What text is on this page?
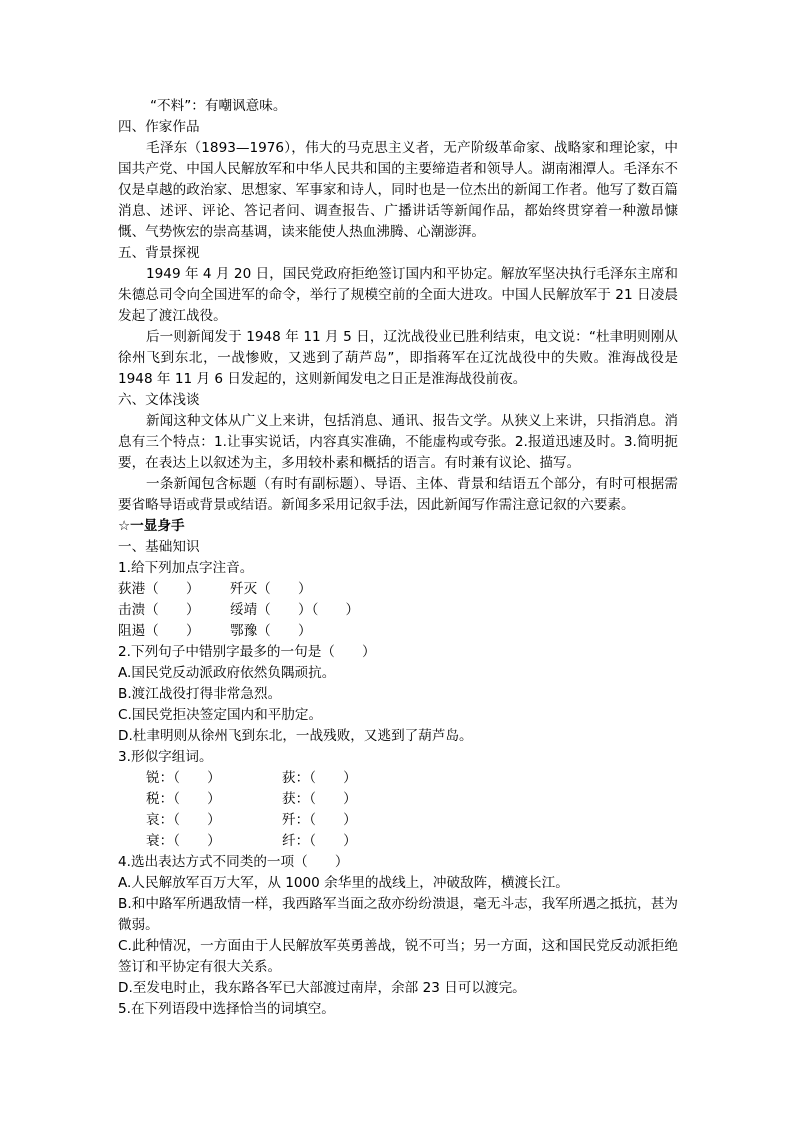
“不料”：有嘲讽意味。
四、作家作品
毛泽东（1893—1976），伟大的马克思主义者，无产阶级革命家、战略家和理论家，中国共产党、中国人民解放军和中华人民共和国的主要缔造者和领导人。湖南湘潭人。毛泽东不仅是卓越的政治家、思想家、军事家和诗人，同时也是一位杰出的新闻工作者。他写了数百篇消息、述评、评论、答记者问、调查报告、广播讲话等新闻作品，都始终贯穿着一种激昂慷慨、气势恢宏的崇高基调，读来能使人热血沸腾、心潮澎湃。
五、背景探视
1949 年 4 月 20 日，国民党政府拒绝签订国内和平协定。解放军坚决执行毛泽东主席和朱德总司令向全国进军的命令，举行了规模空前的全面大进攻。中国人民解放军于 21 日凌晨发起了渡江战役。
后一则新闻发于 1948 年 11 月 5 日，辽沈战役业已胜利结束，电文说：“杜聿明则刚从徐州飞到东北，一战惨败，又逃到了葫芦岛”，即指蒋军在辽沈战役中的失败。淮海战役是 1948 年 11 月 6 日发起的，这则新闻发电之日正是淮海战役前夜。
六、文体浅谈
新闻这种文体从广义上来讲，包括消息、通讯、报告文学。从狭义上来讲，只指消息。消息有三个特点：1.让事实说话，内容真实准确，不能虚构或夸张。2.报道迅速及时。3.简明扼要，在表达上以叙述为主，多用较朴素和概括的语言。有时兼有议论、描写。
一条新闻包含标题（有时有副标题）、导语、主体、背景和结语五个部分，有时可根据需要省略导语或背景或结语。新闻多采用记叙手法，因此新闻写作需注意记叙的六要素。
☆一显身手
一、基础知识
1.给下列加点字注音。
荻港（　　）	歼灭（　　）
击溃（　　）	绥靖（　　）（　　）
阻遏（　　）	鄂豫（　　）
2.下列句子中错别字最多的一句是（　　）
A.国民党反动派政府依然负隅顽抗。
B.渡江战役打得非常急烈。
C.国民党拒决签定国内和平肋定。
D.杜聿明则从徐州飞到东北，一战残败，又逃到了葫芦岛。
3.形似字组词。
锐：（　　）	荻：（　　）
税：（　　）	获：（　　）
哀：（　　）	歼：（　　）
衰：（　　）	纤：（　　）
4.选出表达方式不同类的一项（　　）
A.人民解放军百万大军，从 1000 余华里的战线上，冲破敌阵，横渡长江。
B.和中路军所遇敌情一样，我西路军当面之敌亦纷纷溃退，毫无斗志，我军所遇之抵抗，甚为微弱。
C.此种情况，一方面由于人民解放军英勇善战，锐不可当；另一方面，这和国民党反动派拒绝签订和平协定有很大关系。
D.至发电时止，我东路各军已大部渡过南岸，余部 23 日可以渡完。
5.在下列语段中选择恰当的词填空。
